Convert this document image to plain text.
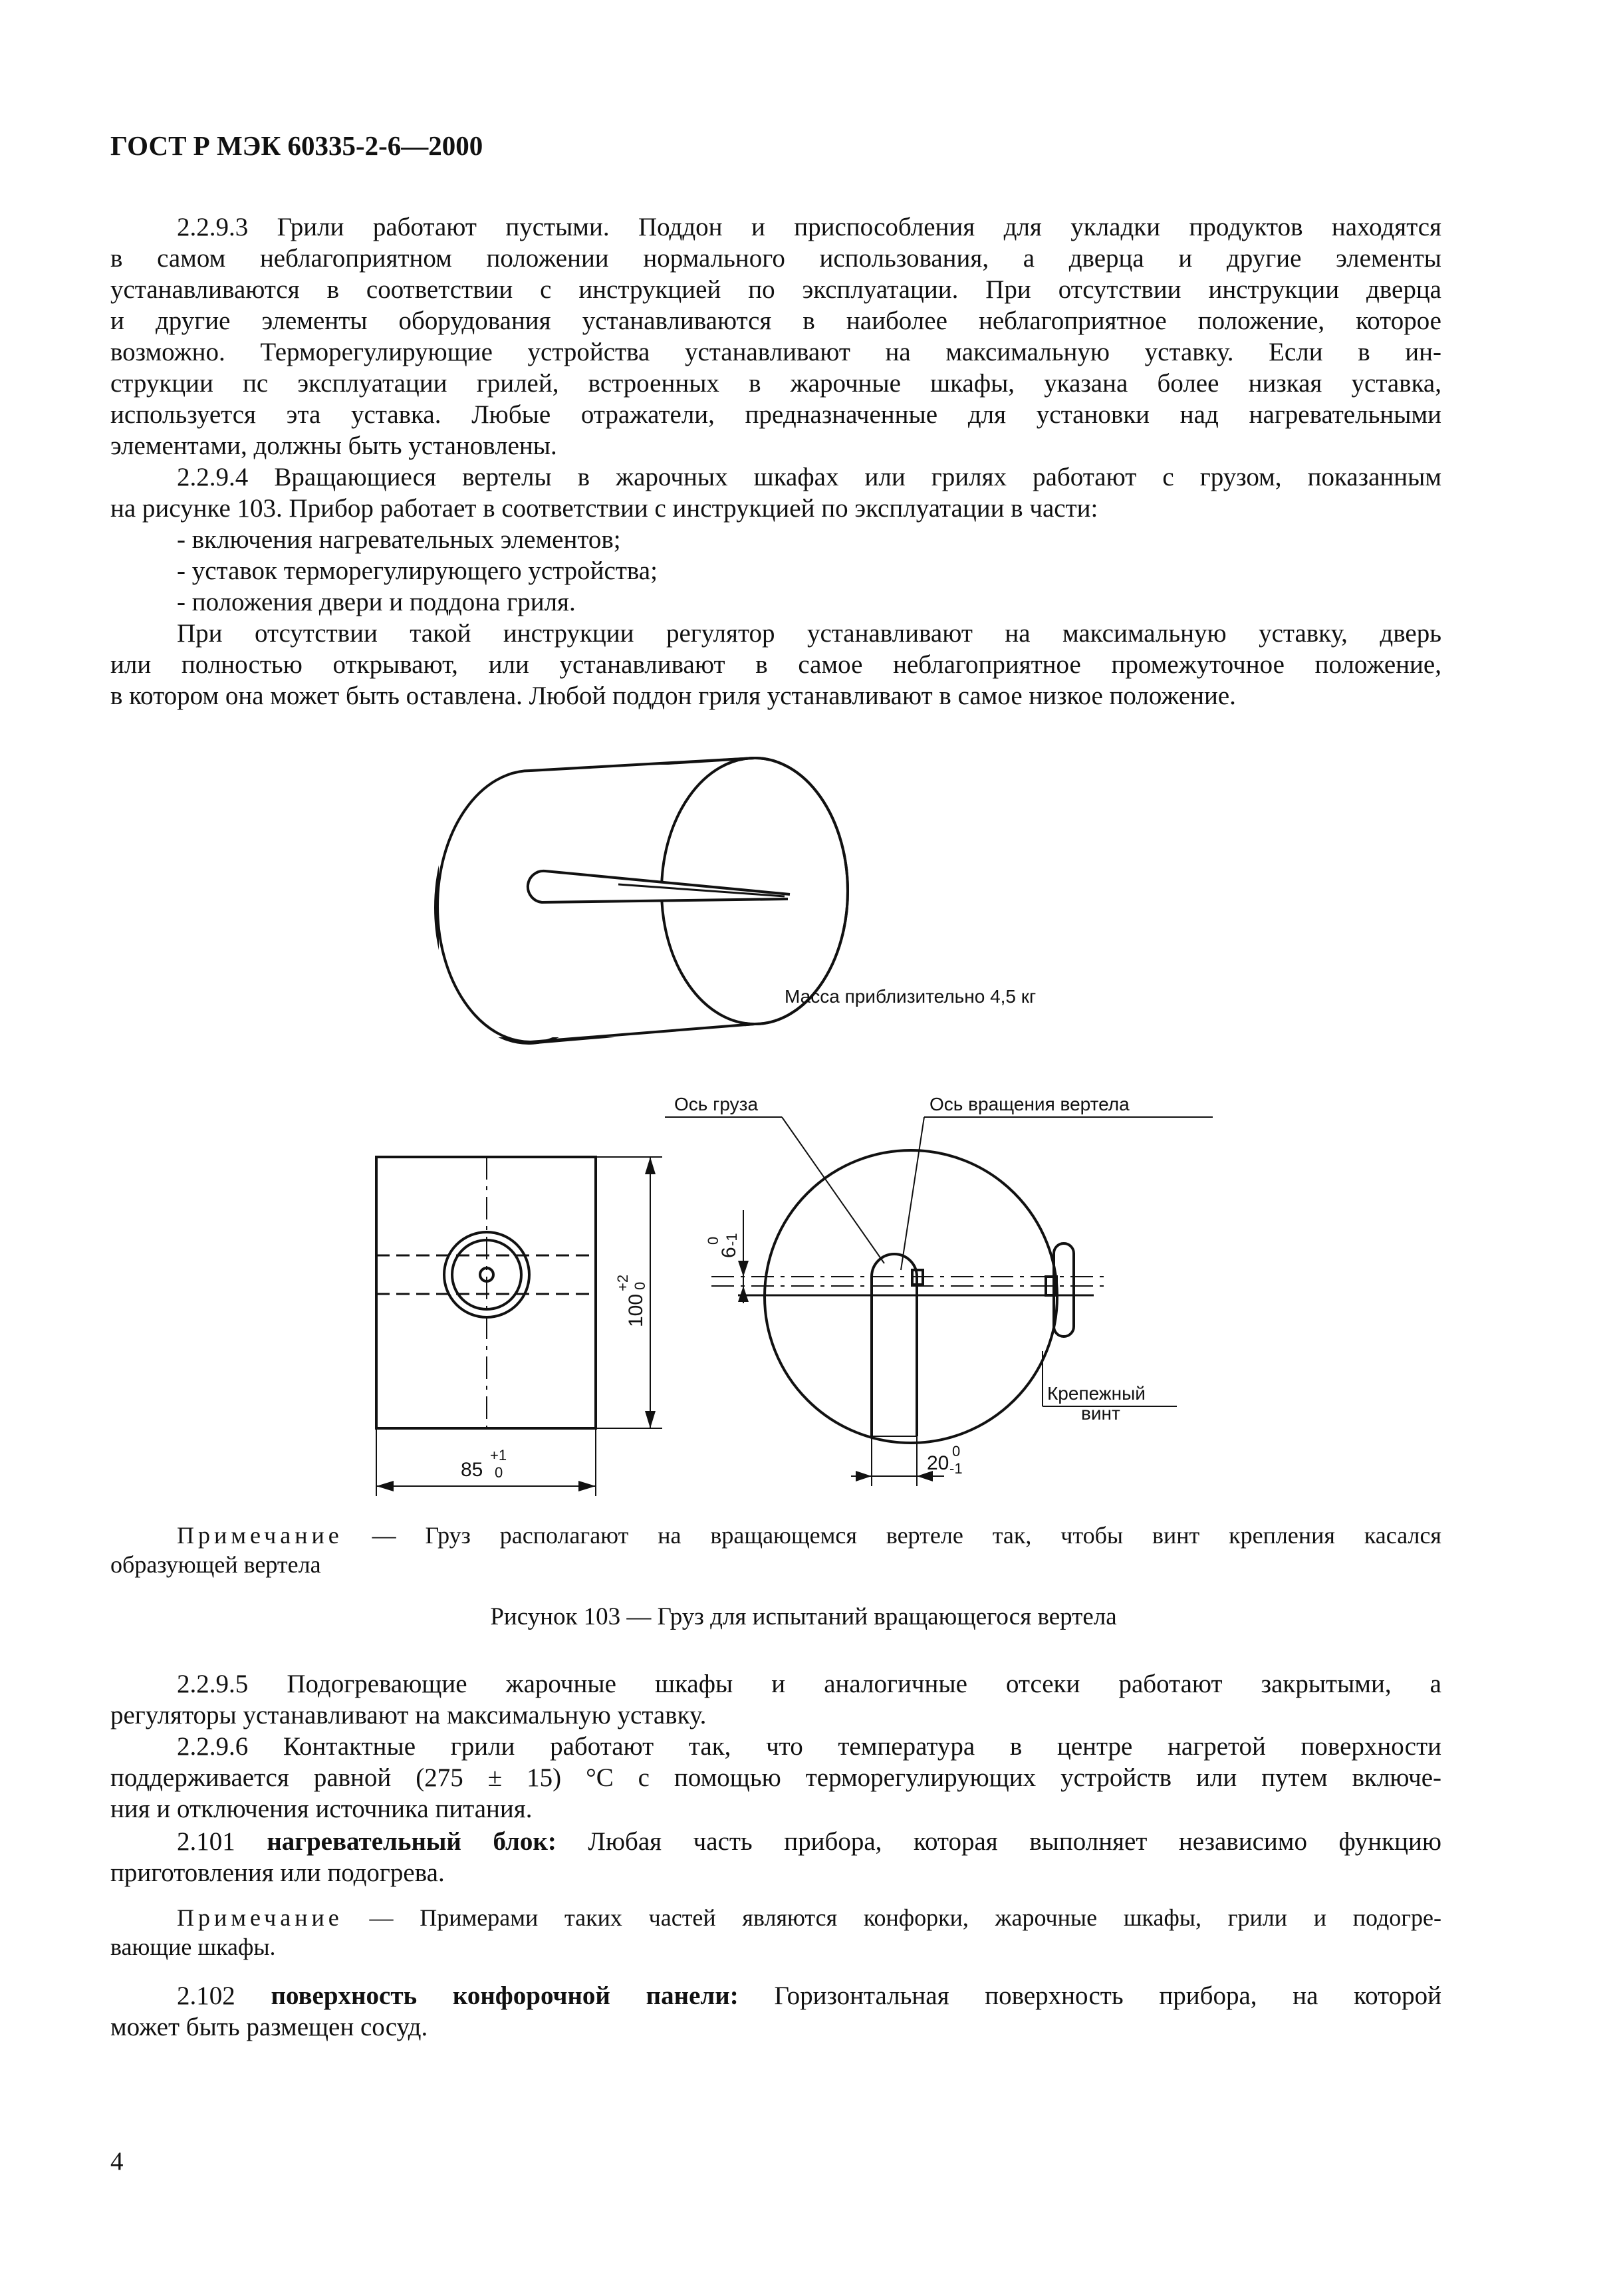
ГОСТ Р МЭК 60335-2-6—2000
2.2.9.3 Грили работают пустыми. Поддон и приспособления для укладки продуктов находятся
в самом неблагоприятном положении нормального использования, а дверца и другие элементы
устанавливаются в соответствии с инструкцией по эксплуатации. При отсутствии инструкции дверца
и другие элементы оборудования устанавливаются в наиболее неблагоприятное положение, которое
возможно. Терморегулирующие устройства устанавливают на максимальную уставку. Если в ин-
струкции пс эксплуатации грилей, встроенных в жарочные шкафы, указана более низкая уставка,
используется эта уставка. Любые отражатели, предназначенные для установки над нагревательными
элементами, должны быть установлены.
2.2.9.4 Вращающиеся вертелы в жарочных шкафах или грилях работают с грузом, показанным
на рисунке 103. Прибор работает в соответствии с инструкцией по эксплуатации в части:
- включения нагревательных элементов;
- уставок терморегулирующего устройства;
- положения двери и поддона гриля.
При отсутствии такой инструкции регулятор устанавливают на максимальную уставку, дверь
или полностью открывают, или устанавливают в самое неблагоприятное промежуточное положение,
в котором она может быть оставлена. Любой поддон гриля устанавливают в самое низкое положение.
Масса приблизительно 4,5 кг
Ось груза	Ось вращения вертела
Крепежный
винт
85
+1
0
100
+2 0
6
0 -1
20
0
-1
Примечание — Груз располагают на вращающемся вертеле так, чтобы винт крепления касался
образующей вертела
Рисунок 103 — Груз для испытаний вращающегося вертела
2.2.9.5 Подогревающие жарочные шкафы и аналогичные отсеки работают закрытыми, а
регуляторы устанавливают на максимальную уставку.
2.2.9.6 Контактные грили работают так, что температура в центре нагретой поверхности
поддерживается равной (275 ± 15) °С с помощью терморегулирующих устройств или путем включе-
ния и отключения источника питания.
2.101 нагревательный блок: Любая часть прибора, которая выполняет независимо функцию
приготовления или подогрева.
Примечание — Примерами таких частей являются конфорки, жарочные шкафы, грили и подогре-
вающие шкафы.
2.102 поверхность конфорочной панели: Горизонтальная поверхность прибора, на которой
может быть размещен сосуд.
4
